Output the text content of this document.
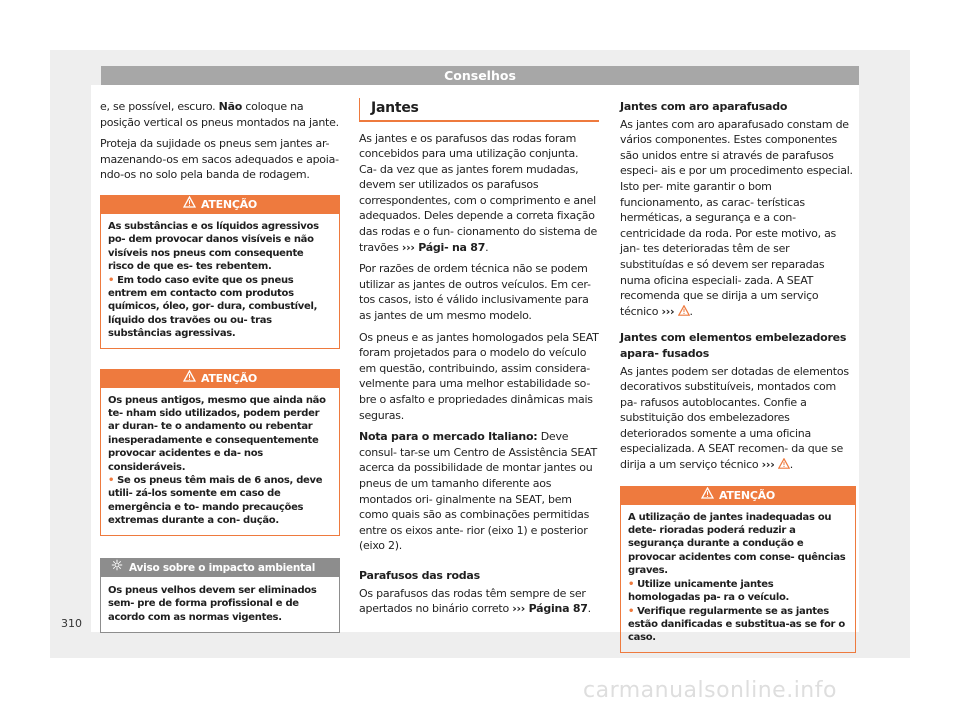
Conselhos

e, se possível, escuro. Não coloque na posição vertical os pneus montados na jante.

Proteja da sujidade os pneus sem jantes ar- mazenando-os em sacos adequados e apoia- ndo-os no solo pela banda de rodagem.

ATENÇÃO
As substâncias e os líquidos agressivos po- dem provocar danos visíveis e não visíveis nos pneus com consequente risco de que es- tes rebentem.
• Em todo caso evite que os pneus entrem em contacto com produtos químicos, óleo, gor- dura, combustível, líquido dos travões ou ou- tras substâncias agressivas.
ATENÇÃO
Os pneus antigos, mesmo que ainda não te- nham sido utilizados, podem perder ar duran- te o andamento ou rebentar inesperadamente e consequentemente provocar acidentes e da- nos consideráveis.
• Se os pneus têm mais de 6 anos, deve utili- zá-los somente em caso de emergência e to- mando precauções extremas durante a con- dução.
Aviso sobre o impacto ambiental
Os pneus velhos devem ser eliminados sem- pre de forma profissional e de acordo com as normas vigentes.
Jantes

As jantes e os parafusos das rodas foram concebidos para uma utilização conjunta. Ca- da vez que as jantes forem mudadas, devem ser utilizados os parafusos correspondentes, com o comprimento e anel adequados. Deles depende a correta fixação das rodas e o fun- cionamento do sistema de travões ››› Pági- na 87.

Por razões de ordem técnica não se podem utilizar as jantes de outros veículos. Em cer- tos casos, isto é válido inclusivamente para as jantes de um mesmo modelo.

Os pneus e as jantes homologados pela SEAT foram projetados para o modelo do veículo em questão, contribuindo, assim considera- velmente para uma melhor estabilidade so- bre o asfalto e propriedades dinâmicas mais seguras.

Nota para o mercado Italiano: Deve consul- tar-se um Centro de Assistência SEAT acerca da possibilidade de montar jantes ou pneus de um tamanho diferente aos montados ori- ginalmente na SEAT, bem como quais são as combinações permitidas entre os eixos ante- rior (eixo 1) e posterior (eixo 2).

Parafusos das rodas

Os parafusos das rodas têm sempre de ser apertados no binário correto ››› Página 87.

Jantes com aro aparafusado

As jantes com aro aparafusado constam de vários componentes. Estes componentes são unidos entre si através de parafusos especi- ais e por um procedimento especial. Isto per- mite garantir o bom funcionamento, as carac- terísticas herméticas, a segurança e a con- centricidade da roda. Por este motivo, as jan- tes deterioradas têm de ser substituídas e só devem ser reparadas numa oficina especiali- zada. A SEAT recomenda que se dirija a um serviço técnico ››› .

Jantes com elementos embelezadores apara- fusados

As jantes podem ser dotadas de elementos decorativos substituíveis, montados com pa- rafusos autoblocantes. Confie a substituição dos embelezadores deteriorados somente a uma oficina especializada. A SEAT recomen- da que se dirija a um serviço técnico ››› .

ATENÇÃO
A utilização de jantes inadequadas ou dete- rioradas poderá reduzir a segurança durante a condução e provocar acidentes com conse- quências graves.
• Utilize unicamente jantes homologadas pa- ra o veículo.
• Verifique regularmente se as jantes estão danificadas e substitua-as se for o caso.
310
carmanualsonline.info
